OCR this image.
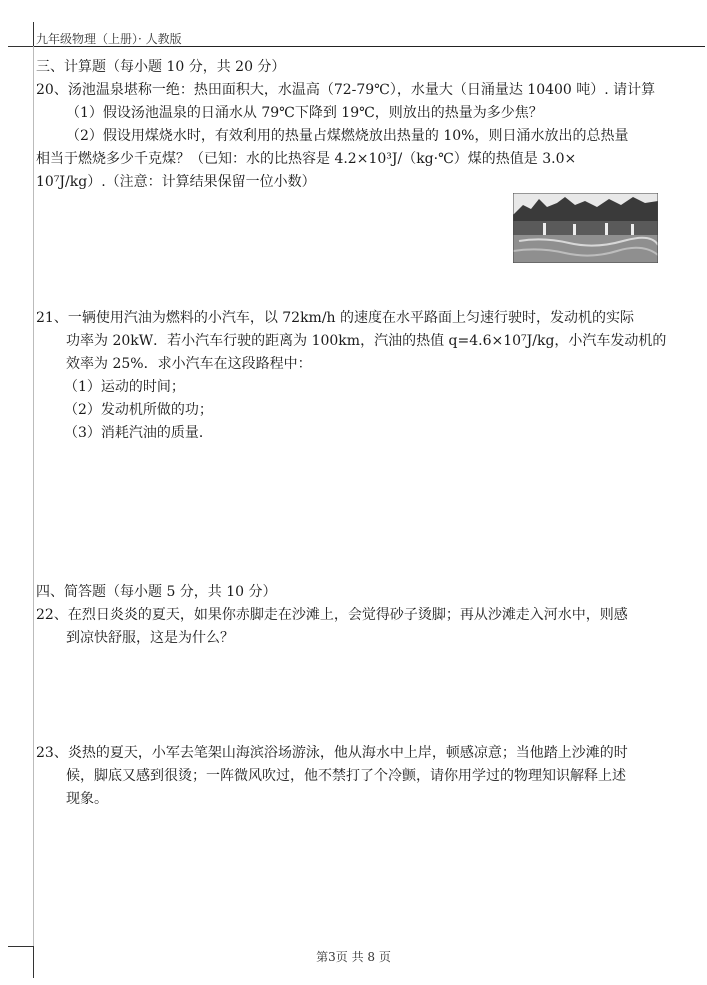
九年级物理（上册）· 人教版
三、计算题（每小题 10 分，共 20 分）
20、汤池温泉堪称一绝：热田面积大，水温高（72-79℃），水量大（日涌量达 10400 吨）. 请计算
（1）假设汤池温泉的日涌水从 79℃下降到 19℃，则放出的热量为多少焦？
（2）假设用煤烧水时，有效利用的热量占煤燃烧放出热量的 10%，则日涌水放出的总热量
相当于燃烧多少千克煤？（已知：水的比热容是 4.2×10³J/（kg·℃）煤的热值是 3.0×
10⁷J/kg）.（注意：计算结果保留一位小数）
21、一辆使用汽油为燃料的小汽车，以 72km/h 的速度在水平路面上匀速行驶时，发动机的实际
功率为 20kW．若小汽车行驶的距离为 100km，汽油的热值 q=4.6×10⁷J/kg，小汽车发动机的
效率为 25%．求小汽车在这段路程中：
（1）运动的时间；
（2）发动机所做的功；
（3）消耗汽油的质量．
四、简答题（每小题 5 分，共 10 分）
22、在烈日炎炎的夏天，如果你赤脚走在沙滩上，会觉得砂子烫脚；再从沙滩走入河水中，则感
到凉快舒服，这是为什么？
23、炎热的夏天，小军去笔架山海滨浴场游泳，他从海水中上岸，顿感凉意；当他踏上沙滩的时
候，脚底又感到很烫；一阵微风吹过，他不禁打了个冷颤，请你用学过的物理知识解释上述
现象。
第3页 共 8 页
